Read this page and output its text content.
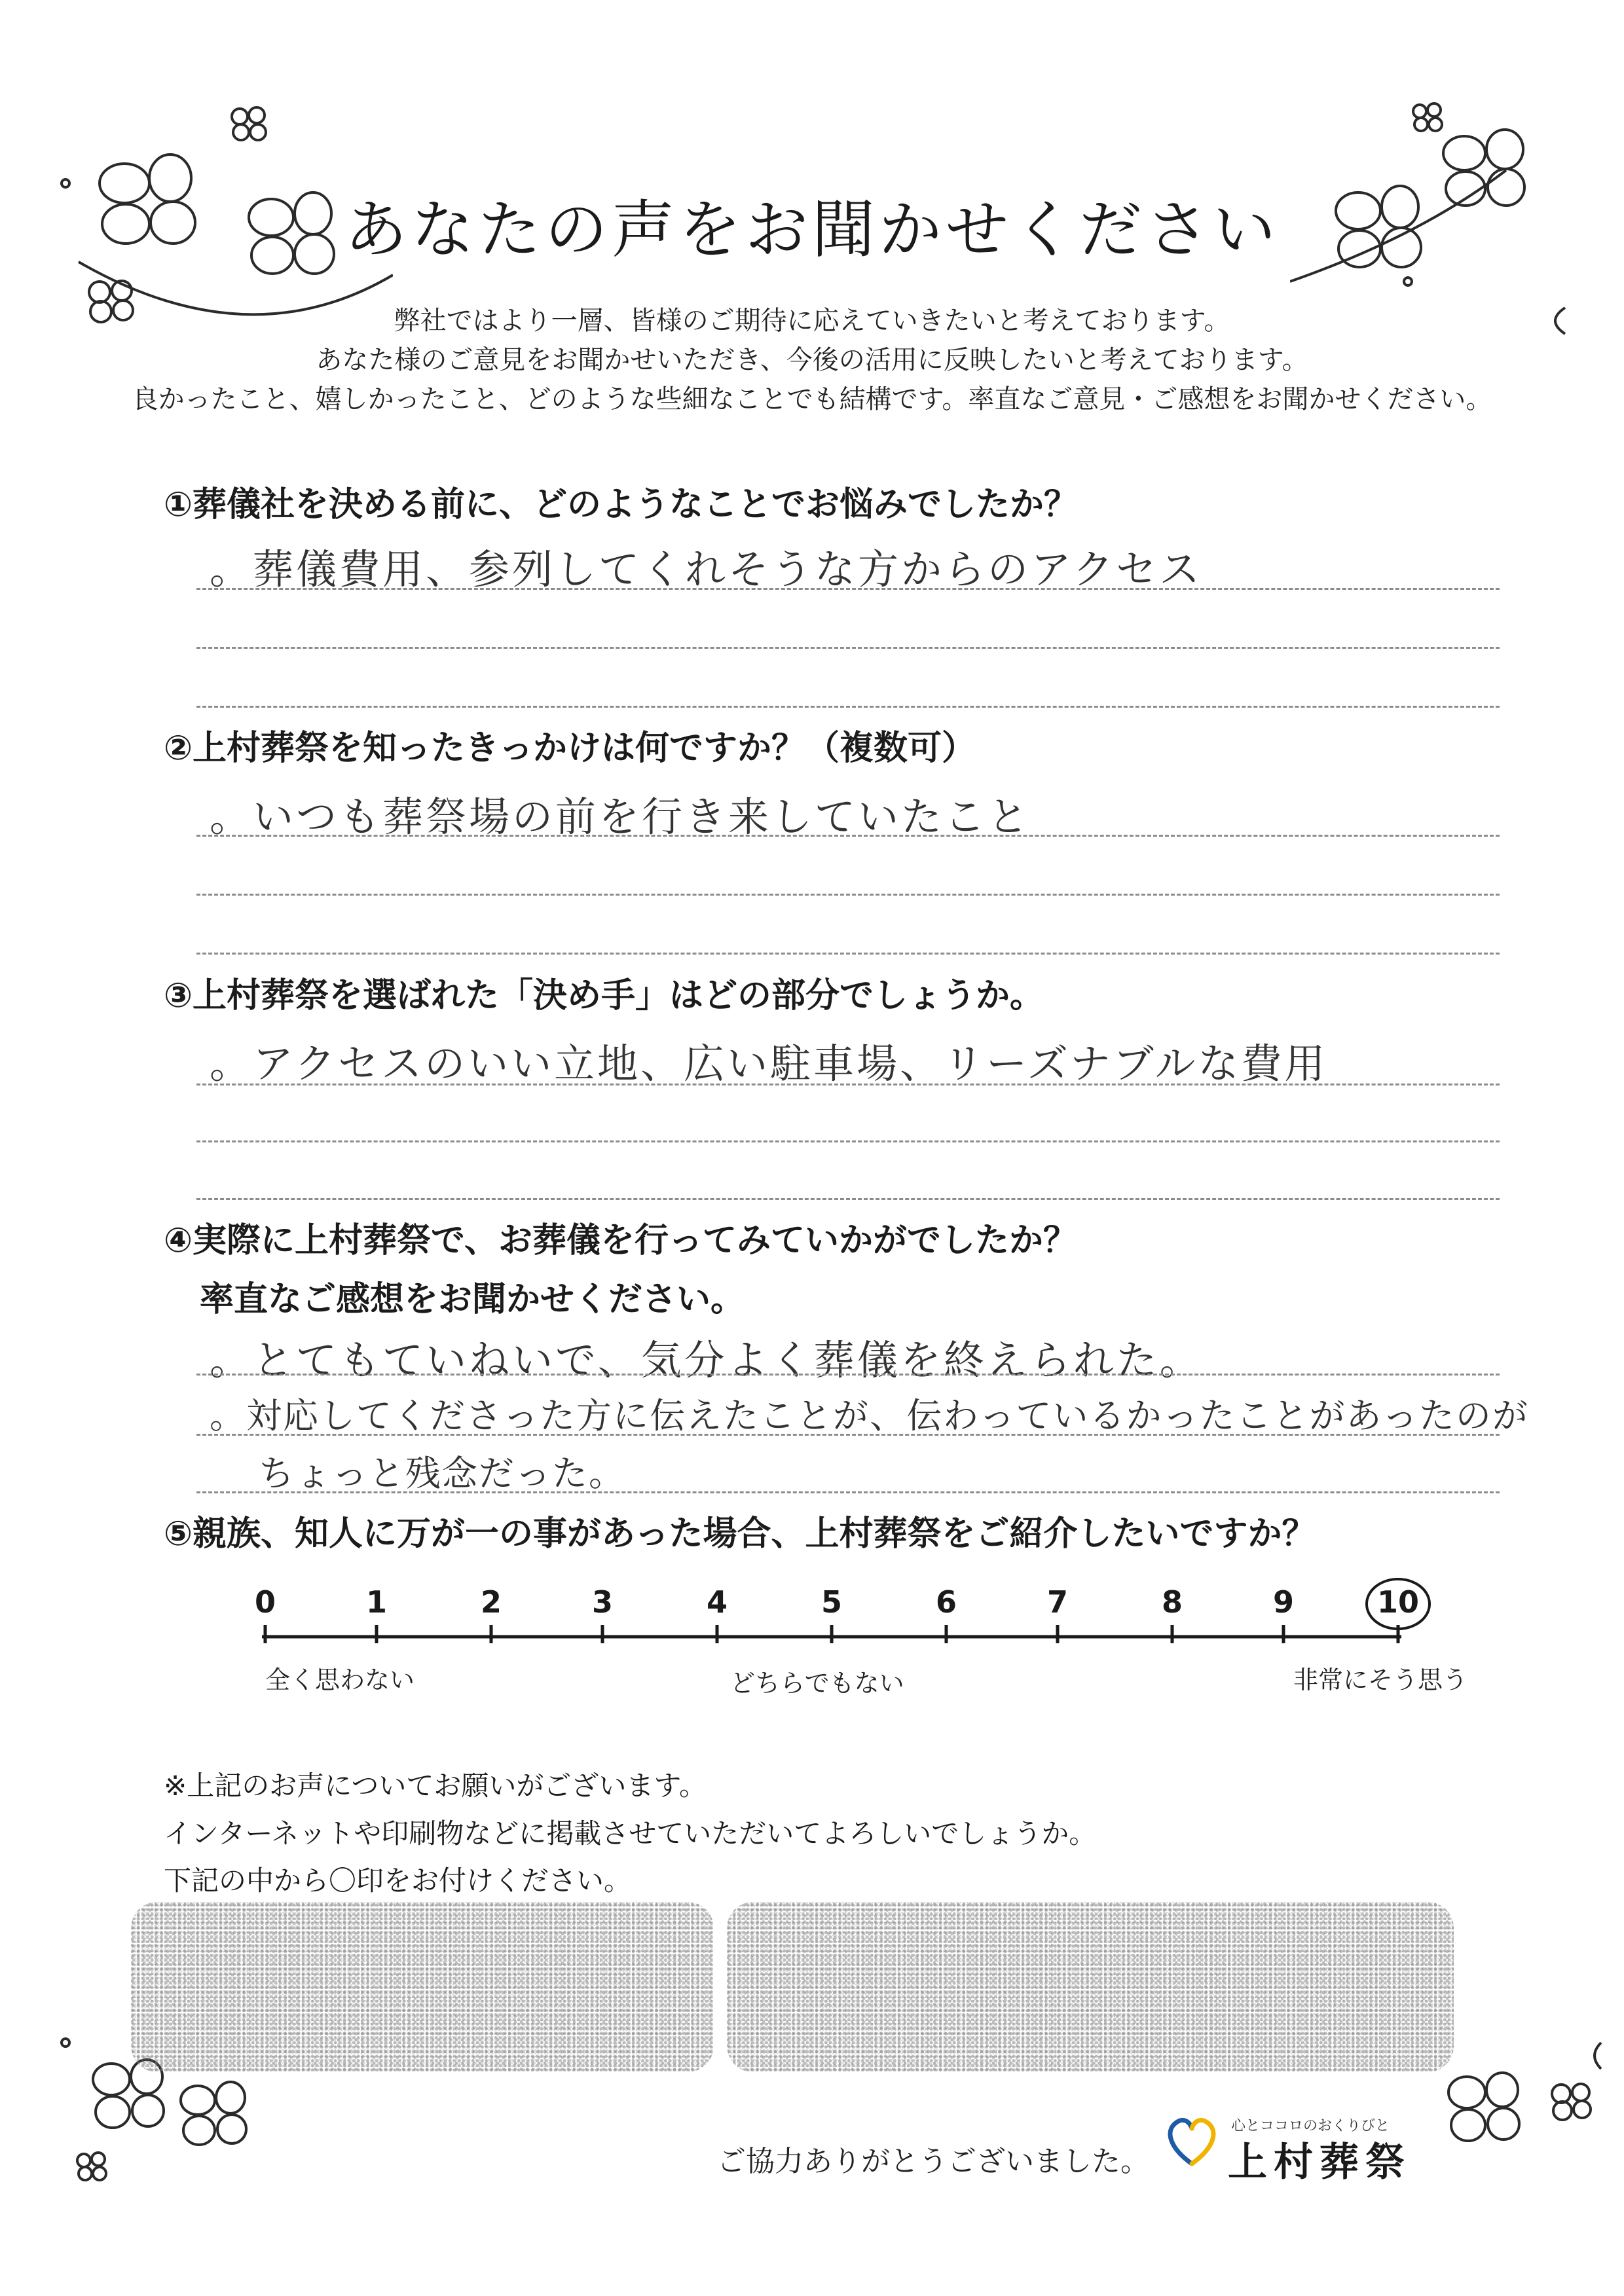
あなたの声をお聞かせください
弊社ではより一層、皆様のご期待に応えていきたいと考えております。
あなた様のご意見をお聞かせいただき、今後の活用に反映したいと考えております。
良かったこと、嬉しかったこと、どのような些細なことでも結構です。率直なご意見・ご感想をお聞かせください。
①葬儀社を決める前に、どのようなことでお悩みでしたか？
。葬儀費用、参列してくれそうな方からのアクセス
②上村葬祭を知ったきっかけは何ですか？（複数可）
。いつも葬祭場の前を行き来していたこと
③上村葬祭を選ばれた「決め手」はどの部分でしょうか。
。アクセスのいい立地、広い駐車場、リーズナブルな費用
④実際に上村葬祭で、お葬儀を行ってみていかがでしたか？
率直なご感想をお聞かせください。
。とてもていねいで、気分よく葬儀を終えられた。
。対応してくださった方に伝えたことが、伝わっているかったことがあったのが
ちょっと残念だった。
⑤親族、知人に万が一の事があった場合、上村葬祭をご紹介したいですか？
0	1	2	3	4	5	6	7	8	9	10
全く思わない	どちらでもない	非常にそう思う
※上記のお声についてお願いがございます。
インターネットや印刷物などに掲載させていただいてよろしいでしょうか。
下記の中から〇印をお付けください。
ご協力ありがとうございました。
心とココロのおくりびと
上村葬祭
